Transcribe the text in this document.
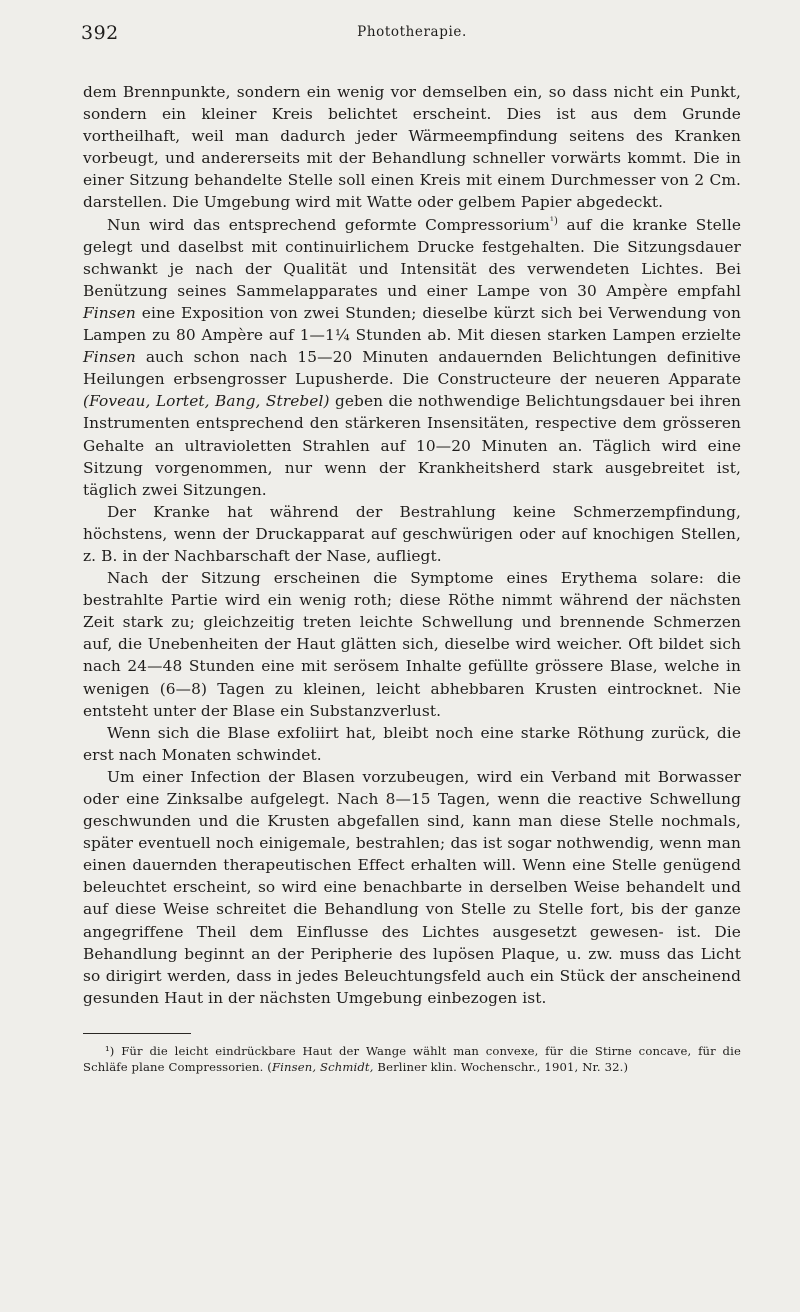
392	Phototherapie.

dem Brennpunkte, sondern ein wenig vor demselben ein, so dass nicht ein Punkt, sondern ein kleiner Kreis belichtet erscheint. Dies ist aus dem Grunde vortheilhaft, weil man dadurch jeder Wärmeempfindung seitens des Kranken vorbeugt, und andererseits mit der Behandlung schneller vorwärts kommt. Die in einer Sitzung behandelte Stelle soll einen Kreis mit einem Durchmesser von 2 Cm. darstellen. Die Umgebung wird mit Watte oder gelbem Papier abgedeckt.

Nun wird das entsprechend geformte Compressorium$^{^1)}$ auf die kranke Stelle gelegt und daselbst mit continuirlichem Drucke festgehalten. Die Sitzungsdauer schwankt je nach der Qualität und Intensität des verwendeten Lichtes. Bei Benützung seines Sammelapparates und einer Lampe von 30 Ampère empfahl Finsen eine Exposition von zwei Stunden; dieselbe kürzt sich bei Verwendung von Lampen zu 80 Ampère auf 1—1¼ Stunden ab. Mit diesen starken Lampen erzielte Finsen auch schon nach 15—20 Minuten andauernden Belichtungen definitive Heilungen erbsengrosser Lupusherde. Die Constructeure der neueren Apparate (Foveau, Lortet, Bang, Strebel) geben die nothwendige Belichtungsdauer bei ihren Instrumenten entsprechend den stärkeren Insensitäten, respective dem grösseren Gehalte an ultravioletten Strahlen auf 10—20 Minuten an. Täglich wird eine Sitzung vorgenommen, nur wenn der Krankheitsherd stark ausgebreitet ist, täglich zwei Sitzungen.

Der Kranke hat während der Bestrahlung keine Schmerzempfindung, höchstens, wenn der Druckapparat auf geschwürigen oder auf knochigen Stellen, z. B. in der Nachbarschaft der Nase, aufliegt.

Nach der Sitzung erscheinen die Symptome eines Erythema solare: die bestrahlte Partie wird ein wenig roth; diese Röthe nimmt während der nächsten Zeit stark zu; gleichzeitig treten leichte Schwellung und brennende Schmerzen auf, die Unebenheiten der Haut glätten sich, dieselbe wird weicher. Oft bildet sich nach 24—48 Stunden eine mit serösem Inhalte gefüllte grössere Blase, welche in wenigen (6—8) Tagen zu kleinen, leicht abhebbaren Krusten eintrocknet. Nie entsteht unter der Blase ein Substanzverlust.

Wenn sich die Blase exfoliirt hat, bleibt noch eine starke Röthung zurück, die erst nach Monaten schwindet.

Um einer Infection der Blasen vorzubeugen, wird ein Verband mit Borwasser oder eine Zinksalbe aufgelegt. Nach 8—15 Tagen, wenn die reactive Schwellung geschwunden und die Krusten abgefallen sind, kann man diese Stelle nochmals, später eventuell noch einigemale, bestrahlen; das ist sogar nothwendig, wenn man einen dauernden therapeutischen Effect erhalten will. Wenn eine Stelle genügend beleuchtet erscheint, so wird eine benachbarte in derselben Weise behandelt und auf diese Weise schreitet die Behandlung von Stelle zu Stelle fort, bis der ganze angegriffene Theil dem Einflusse des Lichtes ausgesetzt gewesen- ist. Die Behandlung beginnt an der Peripherie des lupösen Plaque, u. zw. muss das Licht so dirigirt werden, dass in jedes Beleuchtungsfeld auch ein Stück der anscheinend gesunden Haut in der nächsten Umgebung einbezogen ist.

¹) Für die leicht eindrückbare Haut der Wange wählt man convexe, für die Stirne concave, für die Schläfe plane Compressorien. (Finsen, Schmidt, Berliner klin. Wochenschr., 1901, Nr. 32.)
